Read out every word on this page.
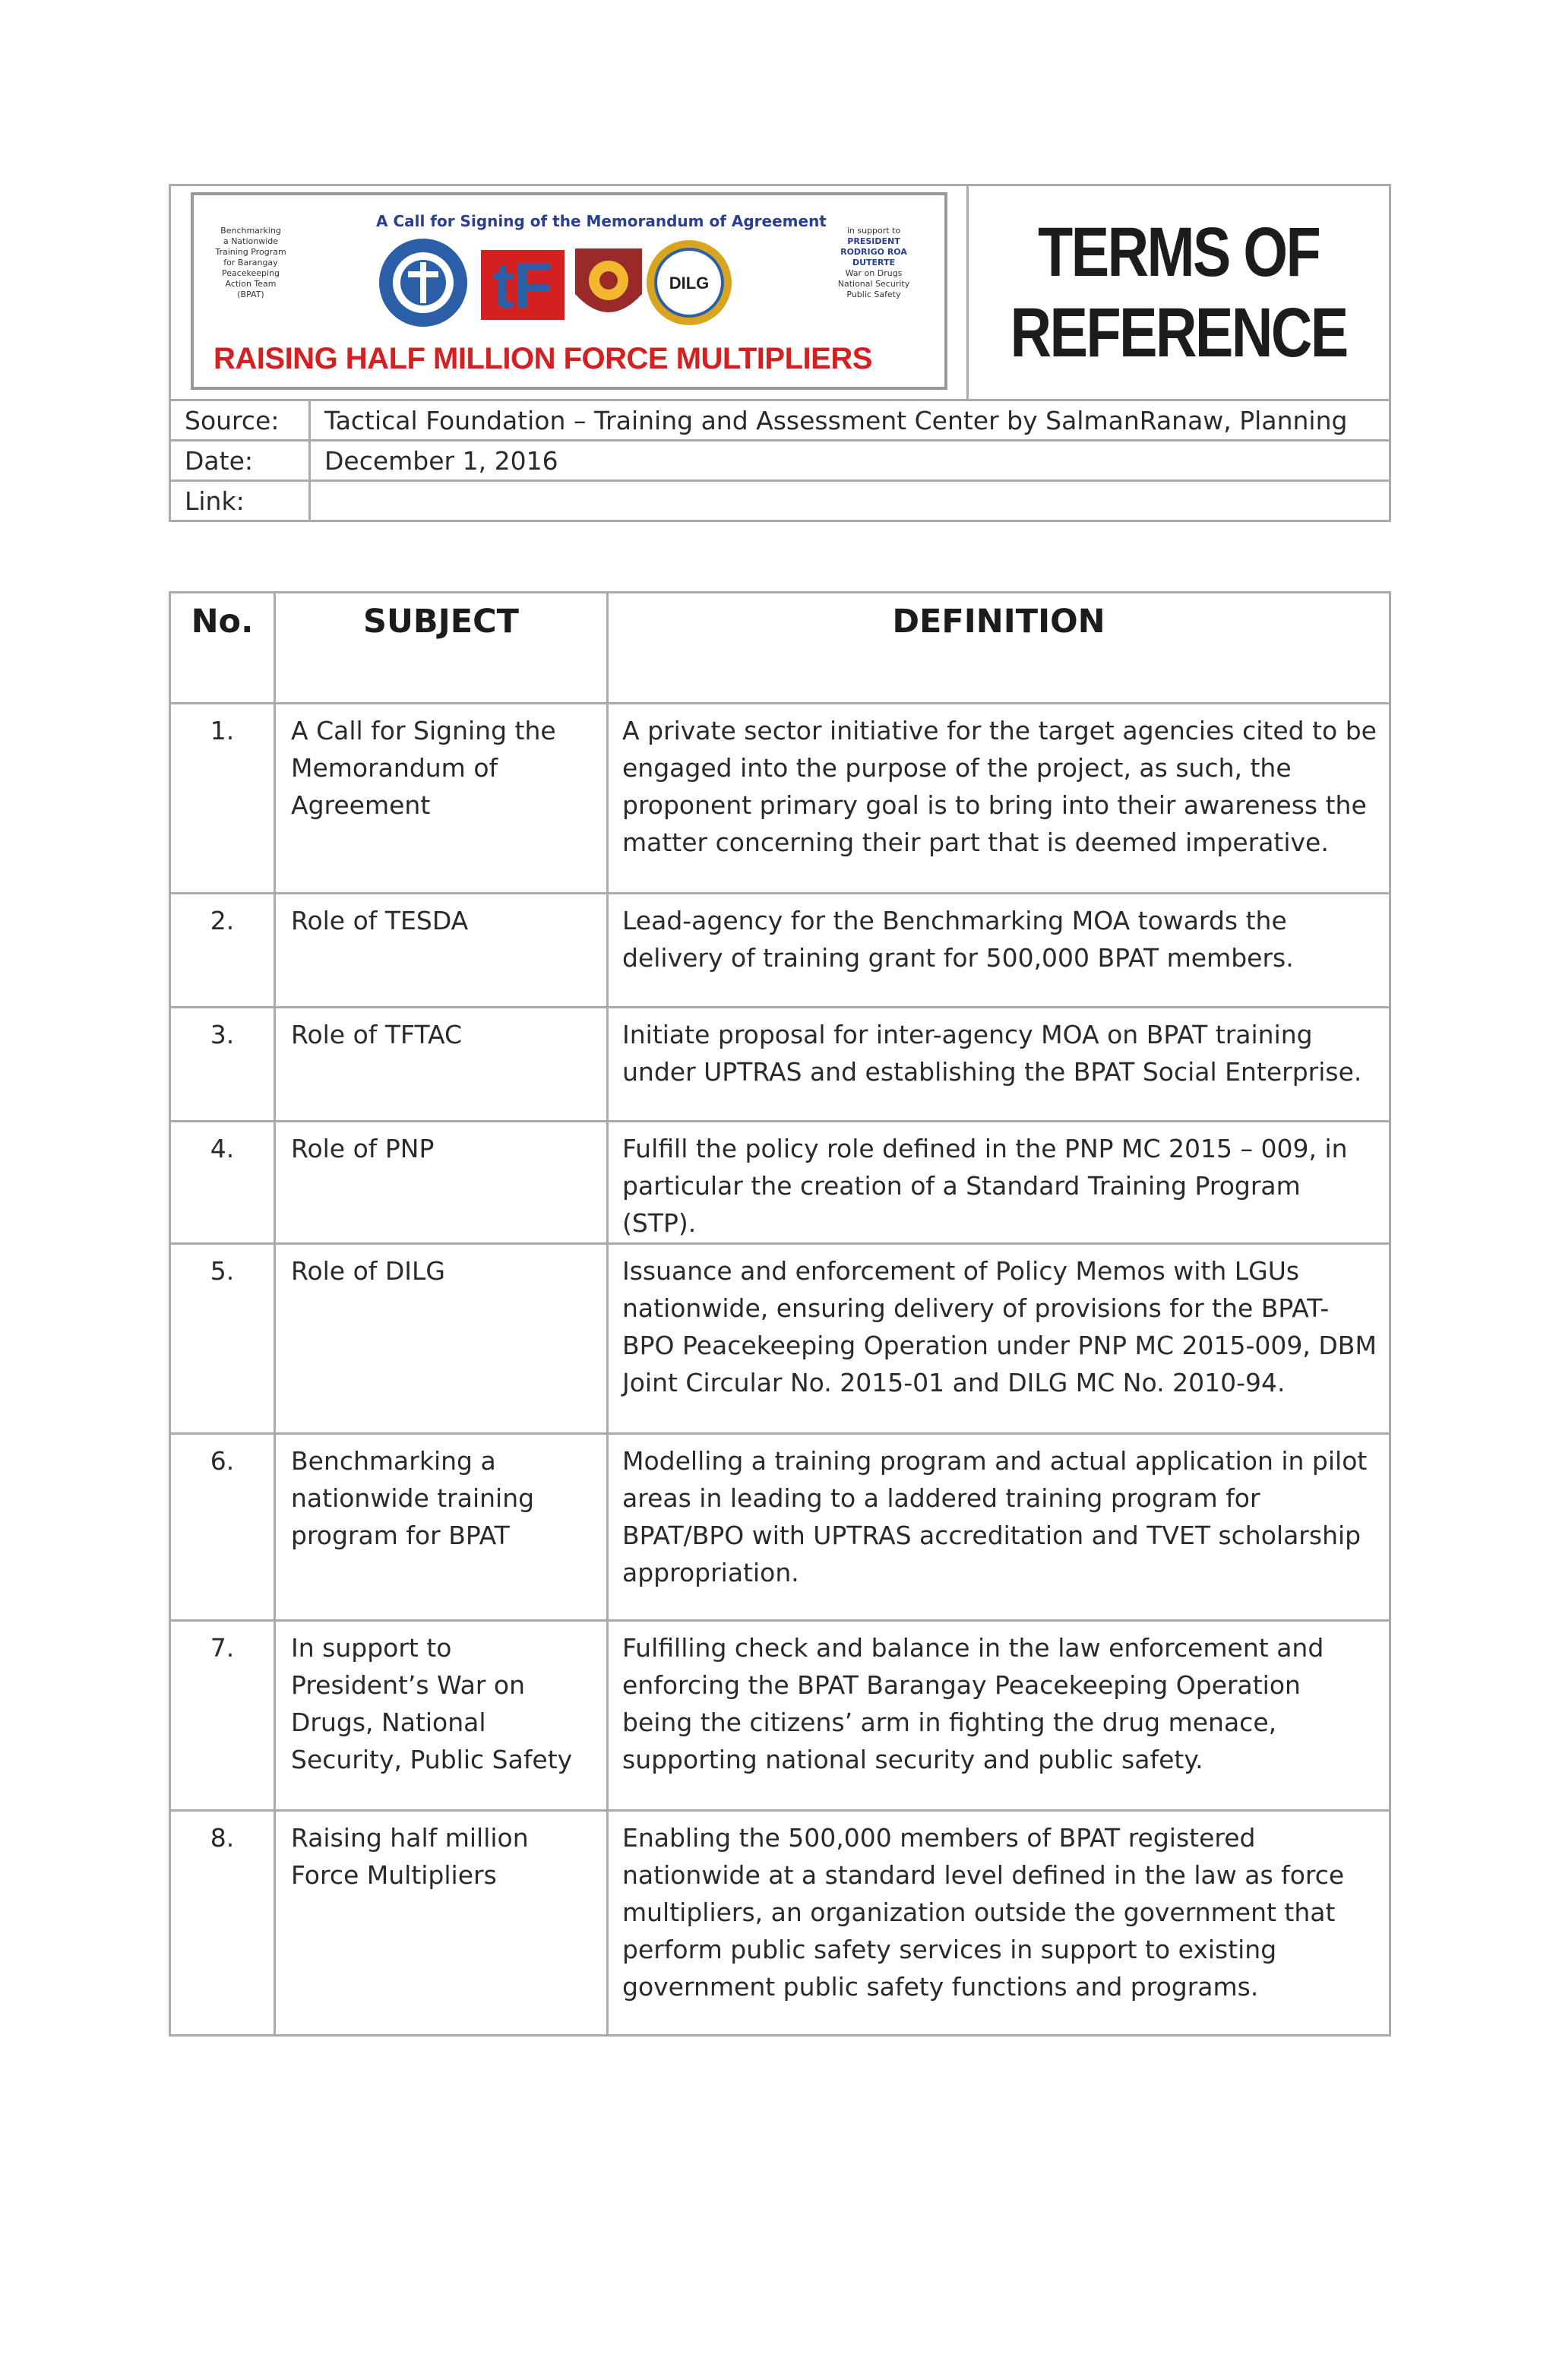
A Call for Signing of the Memorandum of Agreement
Benchmarking
a Nationwide
Training Program
for Barangay
Peacekeeping
Action Team
(BPAT)	tF	DILG
in support to
PRESIDENT
RODRIGO ROA
DUTERTE
War on Drugs
National Security
Public Safety
RAISING HALF MILLION FORCE MULTIPLIERS
	TERMS OF
REFERENCE
Source:	Tactical Foundation – Training and Assessment Center by SalmanRanaw, Planning
Date:	December 1, 2016
Link:	
No.	SUBJECT	DEFINITION
1.	A Call for Signing the Memorandum of Agreement	A private sector initiative for the target agencies cited to be engaged into the purpose of the project, as such, the proponent primary goal is to bring into their awareness the matter concerning their part that is deemed imperative.
2.	Role of TESDA	Lead-agency for the Benchmarking MOA towards the delivery of training grant for 500,000 BPAT members.
3.	Role of TFTAC	Initiate proposal for inter-agency MOA on BPAT training under UPTRAS and establishing the BPAT Social Enterprise.
4.	Role of PNP	Fulfill the policy role defined in the PNP MC 2015 – 009, in particular the creation of a Standard Training Program (STP).
5.	Role of DILG	Issuance and enforcement of Policy Memos with LGUs nationwide, ensuring delivery of provisions for the BPAT-BPO Peacekeeping Operation under PNP MC 2015-009, DBM Joint Circular No. 2015-01 and DILG MC No. 2010-94.
6.	Benchmarking a nationwide training program for BPAT	Modelling a training program and actual application in pilot areas in leading to a laddered training program for BPAT/BPO with UPTRAS accreditation and TVET scholarship appropriation.
7.	In support to President’s War on Drugs, National Security, Public Safety	Fulfilling check and balance in the law enforcement and enforcing the BPAT Barangay Peacekeeping Operation being the citizens’ arm in fighting the drug menace, supporting national security and public safety.
8.	Raising half million Force Multipliers	Enabling the 500,000 members of BPAT registered nationwide at a standard level defined in the law as force multipliers, an organization outside the government that perform public safety services in support to existing government public safety functions and programs.
